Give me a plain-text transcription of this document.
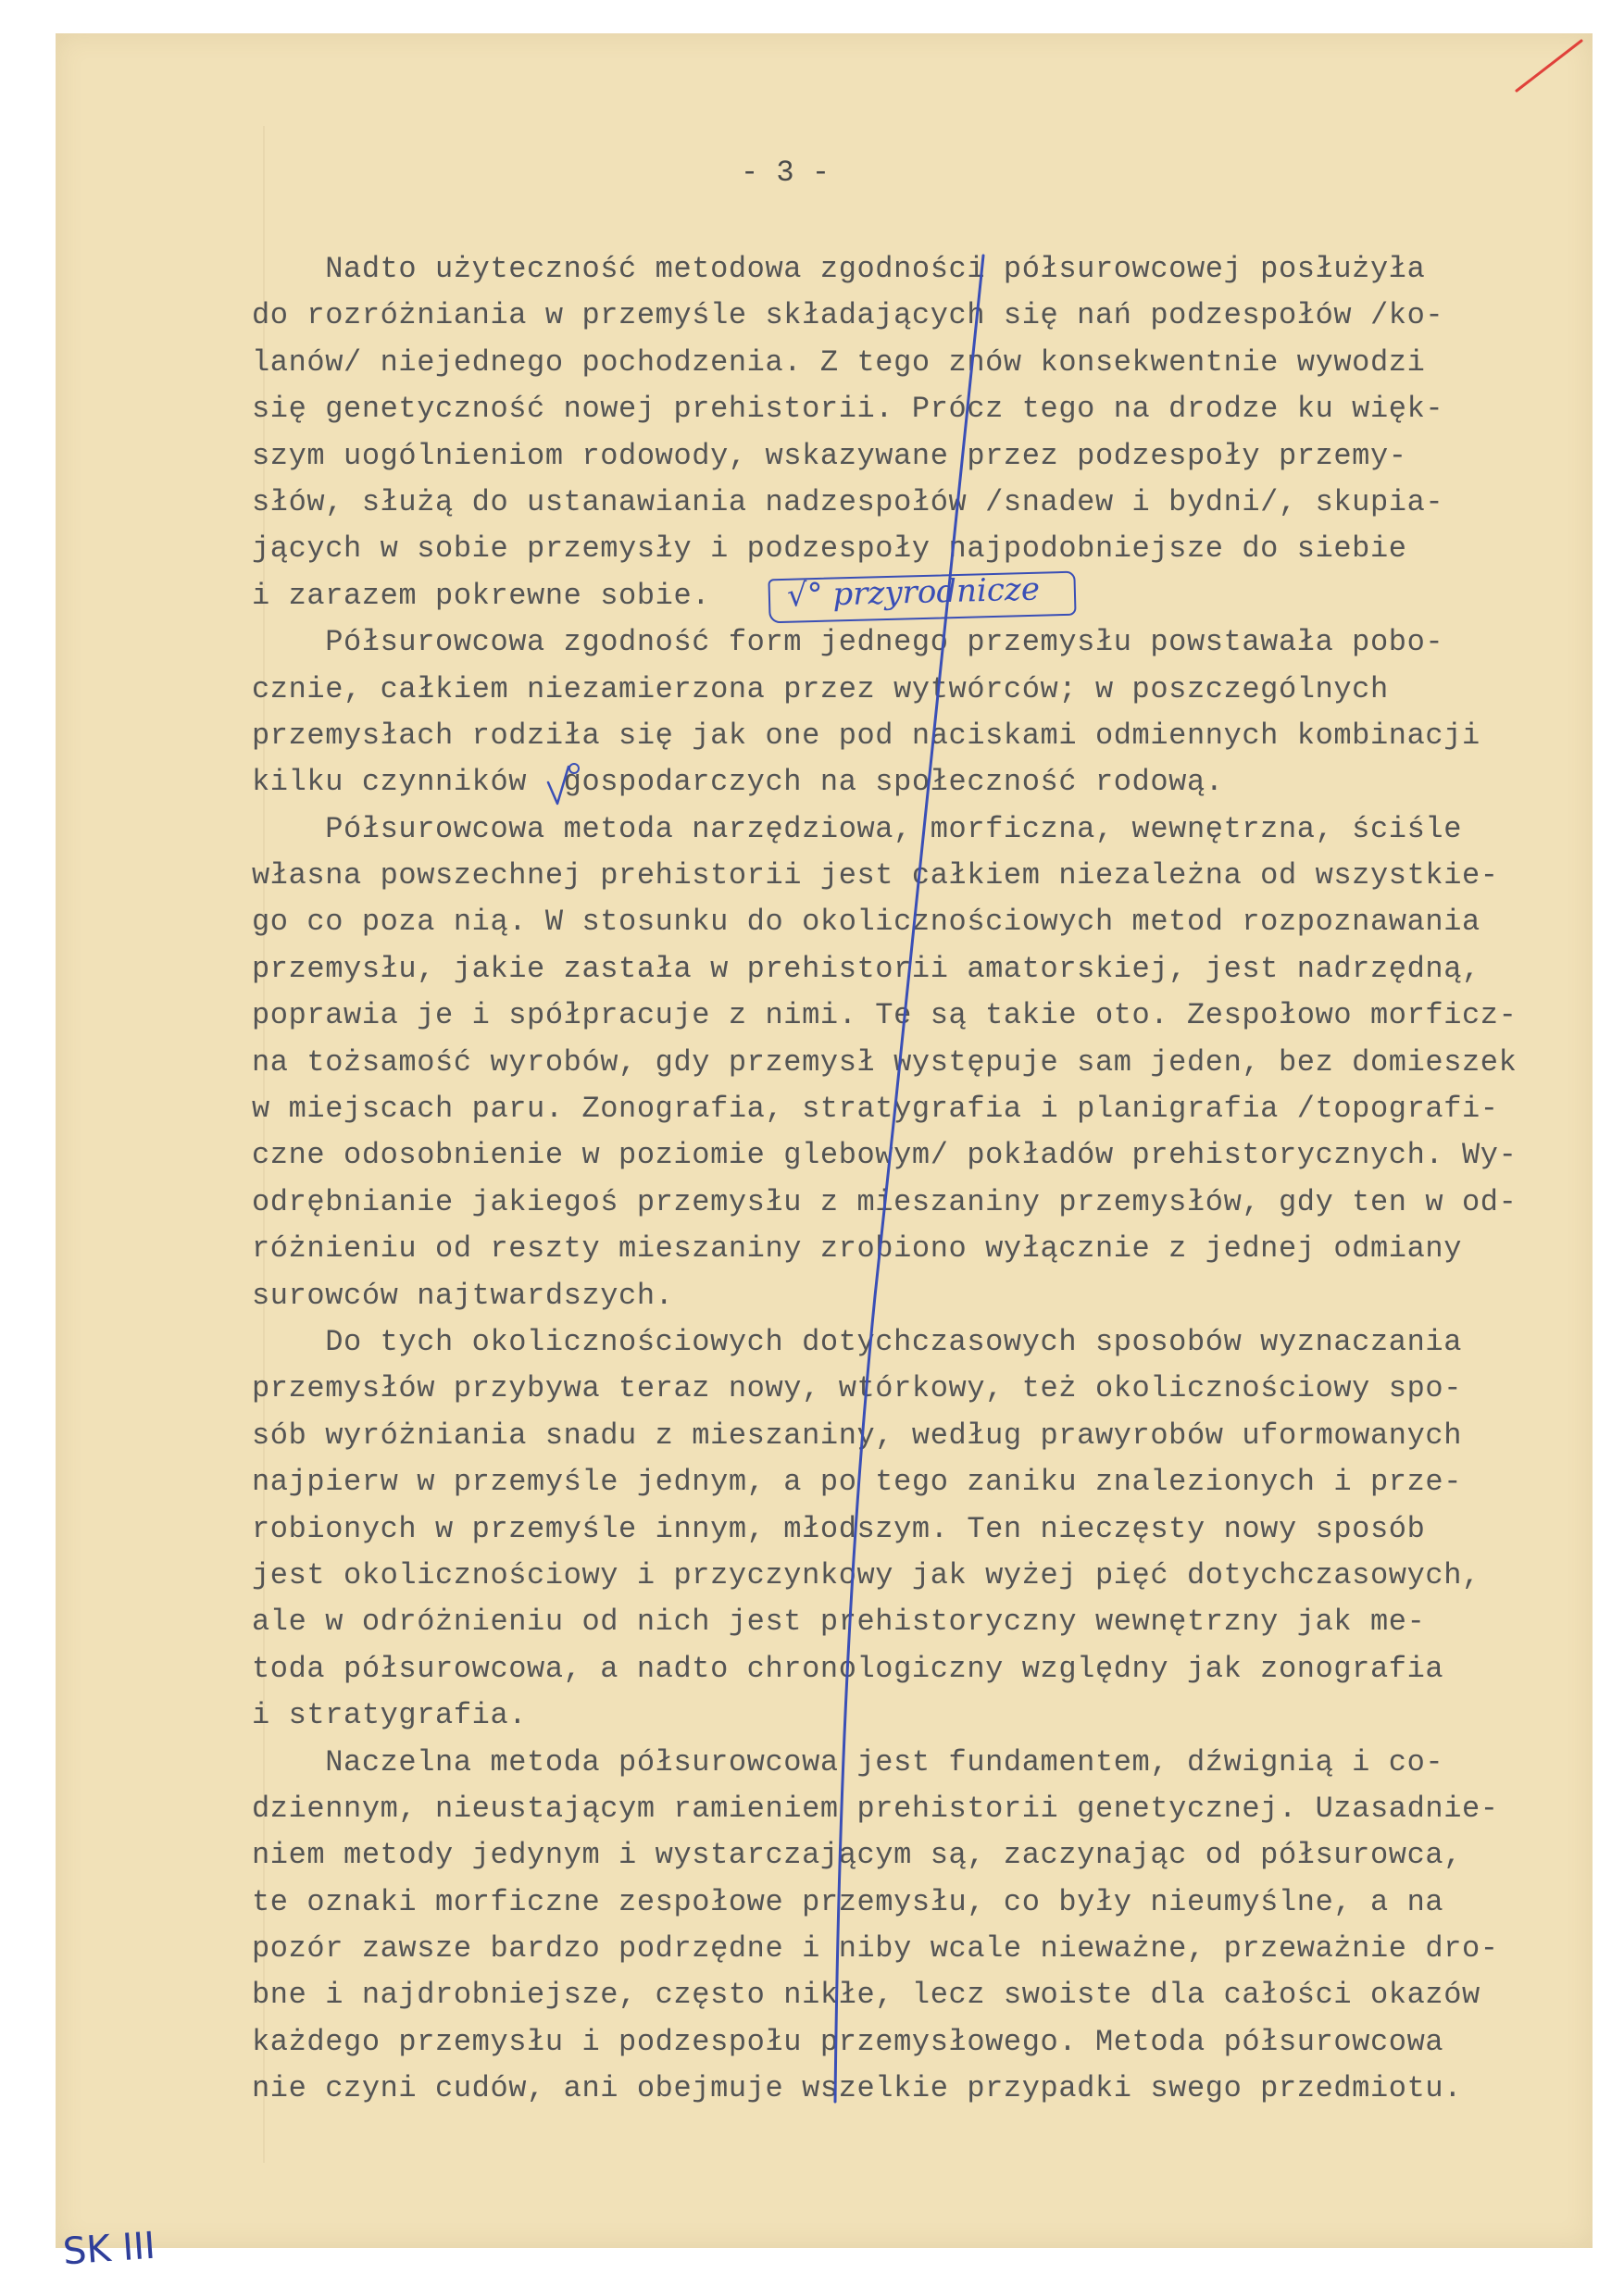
- 3 -
Nadto użyteczność metodowa zgodności półsurowcowej posłużyła
do rozróżniania w przemyśle składających się nań podzespołów /ko-
lanów/ niejednego pochodzenia. Z tego znów konsekwentnie wywodzi
się genetyczność nowej prehistorii. Prócz tego na drodze ku więk-
szym uogólnieniom rodowody, wskazywane przez podzespoły przemy-
słów, służą do ustanawiania nadzespołów /snadew i bydni/, skupia-
jących w sobie przemysły i podzespoły najpodobniejsze do siebie
i zarazem pokrewne sobie.
Półsurowcowa zgodność form jednego przemysłu powstawała pobo-
cznie, całkiem niezamierzona przez wytwórców; w poszczególnych
przemysłach rodziła się jak one pod naciskami odmiennych kombinacji
kilku czynników  gospodarczych na społeczność rodową.
Półsurowcowa metoda narzędziowa, morficzna, wewnętrzna, ściśle
własna powszechnej prehistorii jest całkiem niezależna od wszystkie-
go co poza nią. W stosunku do okolicznościowych metod rozpoznawania
przemysłu, jakie zastała w prehistorii amatorskiej, jest nadrzędną,
poprawia je i spółpracuje z nimi. Te są takie oto. Zespołowo morficz-
na tożsamość wyrobów, gdy przemysł występuje sam jeden, bez domieszek
w miejscach paru. Zonografia, stratygrafia i planigrafia /topografi-
czne odosobnienie w poziomie glebowym/ pokładów prehistorycznych. Wy-
odrębnianie jakiegoś przemysłu z mieszaniny przemysłów, gdy ten w od-
różnieniu od reszty mieszaniny zrobiono wyłącznie z jednej odmiany
surowców najtwardszych.
Do tych okolicznościowych dotychczasowych sposobów wyznaczania
przemysłów przybywa teraz nowy, wtórkowy, też okolicznościowy spo-
sób wyróżniania snadu z mieszaniny, według prawyrobów uformowanych
najpierw w przemyśle jednym, a po tego zaniku znalezionych i prze-
robionych w przemyśle innym, młodszym. Ten nieczęsty nowy sposób
jest okolicznościowy i przyczynkowy jak wyżej pięć dotychczasowych,
ale w odróżnieniu od nich jest prehistoryczny wewnętrzny jak me-
toda półsurowcowa, a nadto chronologiczny względny jak zonografia
i stratygrafia.
Naczelna metoda półsurowcowa jest fundamentem, dźwignią i co-
dziennym, nieustającym ramieniem prehistorii genetycznej. Uzasadnie-
niem metody jedynym i wystarczającym są, zaczynając od półsurowca,
te oznaki morficzne zespołowe przemysłu, co były nieumyślne, a na
pozór zawsze bardzo podrzędne i niby wcale nieważne, przeważnie dro-
bne i najdrobniejsze, często nikłe, lecz swoiste dla całości okazów
każdego przemysłu i podzespołu przemysłowego. Metoda półsurowcowa
nie czyni cudów, ani obejmuje wszelkie przypadki swego przedmiotu.
√° przyrodnicze
SK III
